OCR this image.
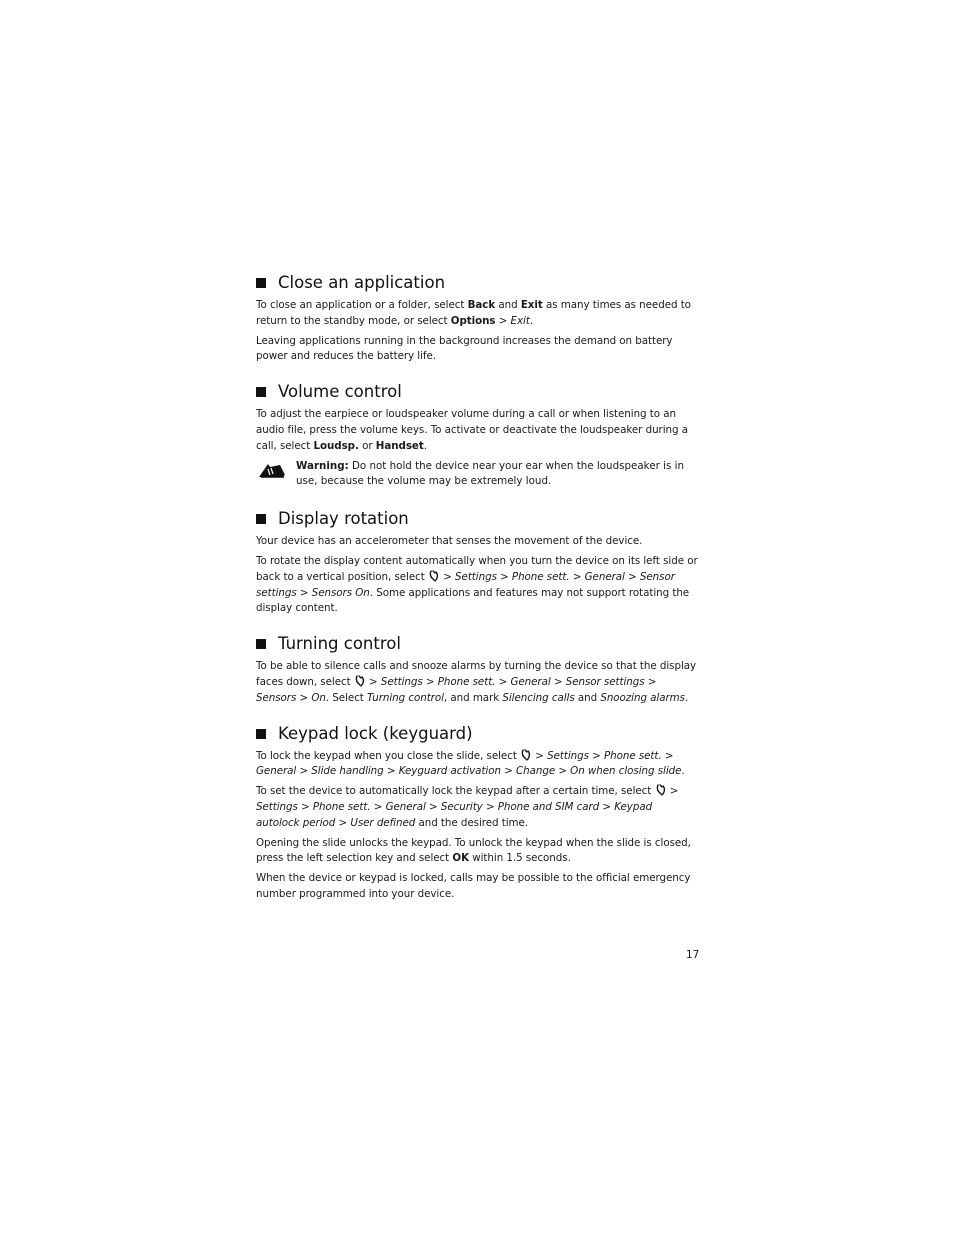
Close an application

To close an application or a folder, select Back and Exit as many times as needed to return to the standby mode, or select Options > Exit.

Leaving applications running in the background increases the demand on battery power and reduces the battery life.

Volume control

To adjust the earpiece or loudspeaker volume during a call or when listening to an audio file, press the volume keys. To activate or deactivate the loudspeaker during a call, select Loudsp. or Handset.

Warning: Do not hold the device near your ear when the loudspeaker is in use, because the volume may be extremely loud.
Display rotation

Your device has an accelerometer that senses the movement of the device.

To rotate the display content automatically when you turn the device on its left side or back to a vertical position, select  > Settings > Phone sett. > General > Sensor settings > Sensors On. Some applications and features may not support rotating the display content.

Turning control

To be able to silence calls and snooze alarms by turning the device so that the display faces down, select  > Settings > Phone sett. > General > Sensor settings > Sensors > On. Select Turning control, and mark Silencing calls and Snoozing alarms.

Keypad lock (keyguard)

To lock the keypad when you close the slide, select  > Settings > Phone sett. > General > Slide handling > Keyguard activation > Change > On when closing slide.

To set the device to automatically lock the keypad after a certain time, select  > Settings > Phone sett. > General > Security > Phone and SIM card > Keypad autolock period > User defined and the desired time.

Opening the slide unlocks the keypad. To unlock the keypad when the slide is closed, press the left selection key and select OK within 1.5 seconds.

When the device or keypad is locked, calls may be possible to the official emergency number programmed into your device.

17
